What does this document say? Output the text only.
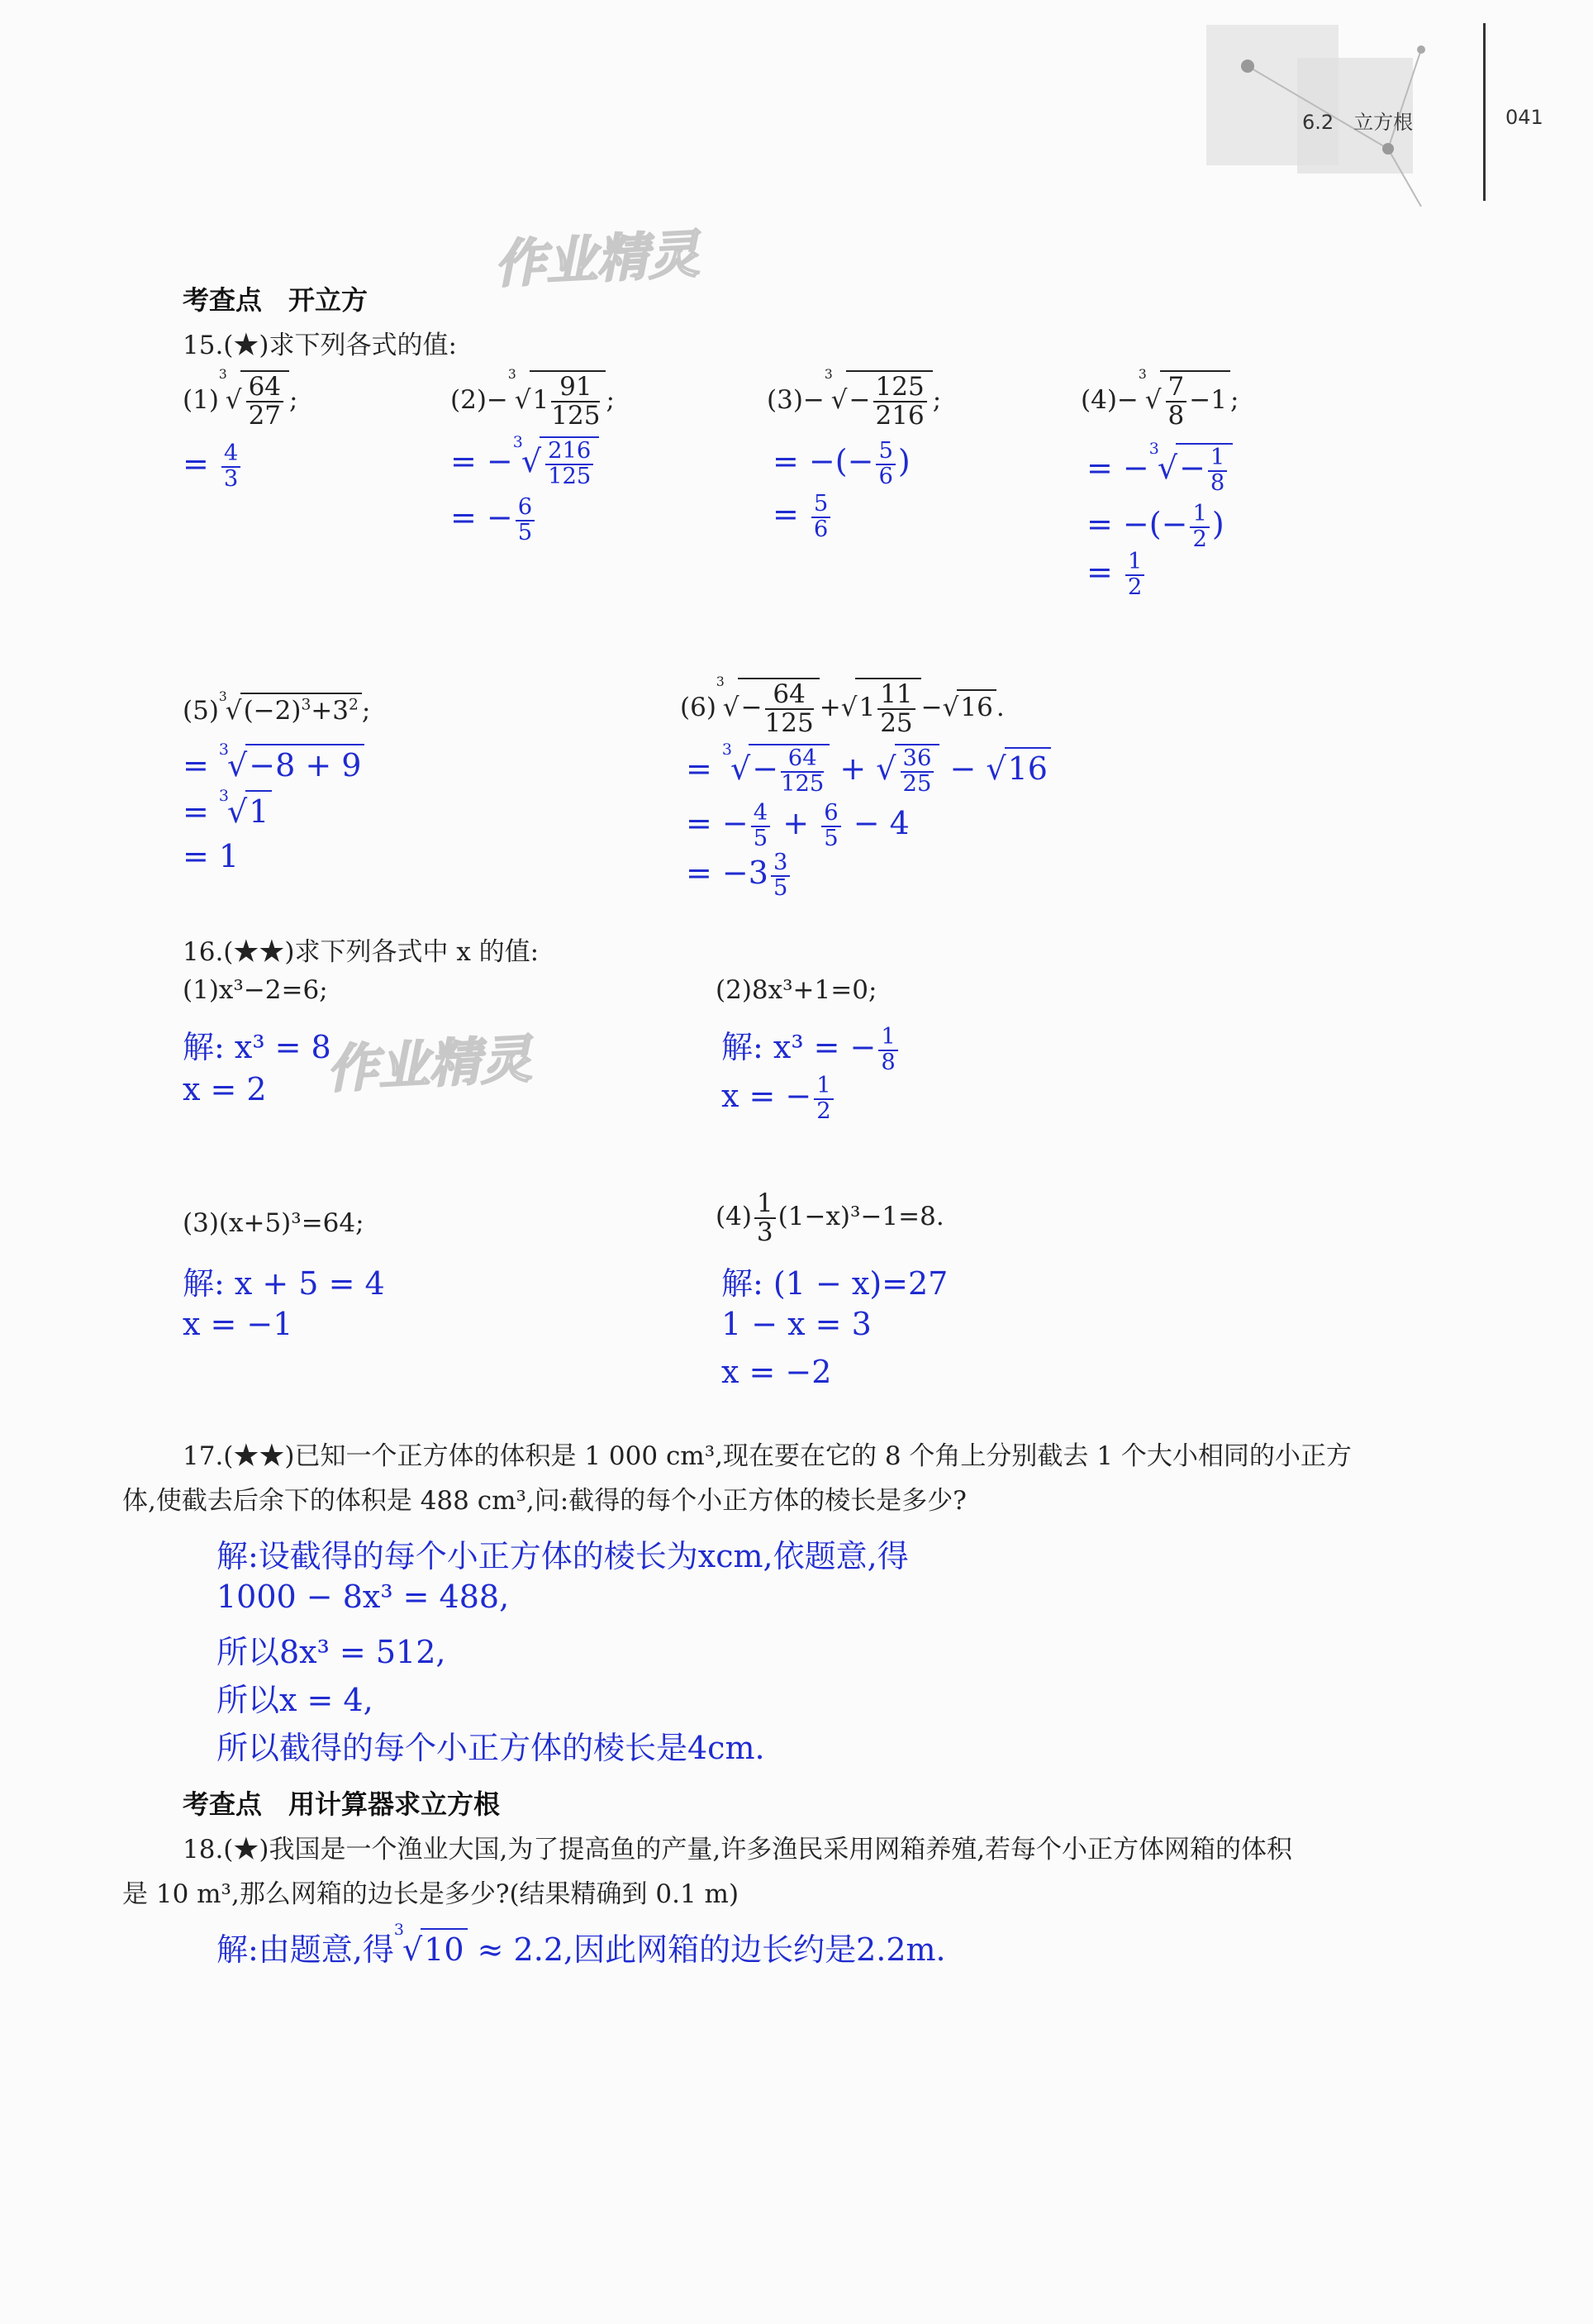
6.2　立方根	041
作业精灵
作业精灵
考查点　开立方
15.(★)求下列各式的值:
$(1)^3√ \frac{64}{27}$ ;
= $\frac{4}{3}$
$(2)-^3√1 \frac{91}{125}$ ;
= $-^3√ \frac{216}{125}$
= − $\frac{6}{5}$
$(3)-^3√- \frac{125}{216}$ ;
= −(− $\frac{5}{6}$ )
= $\frac{5}{6}$
$(4)-^3√ \frac{7}{8} -1$ ;
= $-^3√- \frac{1}{8}$
= −(− $\frac{1}{2}$ )
= $\frac{1}{2}$
$(5)^3√(-2)^3+3^2$ ;
= $^3$√−8 + 9
= $^3$√1
= 1
$(6)^3√- \frac{64}{125} +√1 \frac{11}{25} -√16$ .
= $^3√- \frac{64}{125}$ + √ $\frac{36}{25} - √16$
= − $\frac{4}{5} + \frac{6}{5} - 4$
= $-3 \frac{3}{5}$
16.(★★)求下列各式中 x 的值:
(1)x³−2=6;
解: x³ = 8
x = 2
(2)8x³+1=0;
解: x³ = − $\frac{1}{8}$
x = − $\frac{1}{2}$
(3)(x+5)³=64;
解: x + 5 = 4
x = −1
$(4) \frac{1}{3} (1-x)^3-1=8$.
解: (1 − x)=27
1 − x = 3
x = −2
17.(★★)已知一个正方体的体积是 1 000 cm³,现在要在它的 8 个角上分别截去 1 个大小相同的小正方
体,使截去后余下的体积是 488 cm³,问:截得的每个小正方体的棱长是多少?
解:设截得的每个小正方体的棱长为xcm,依题意,得
1000 − 8x³ = 488,
所以8x³ = 512,
所以x = 4,
所以截得的每个小正方体的棱长是4cm.
考查点　用计算器求立方根
18.(★)我国是一个渔业大国,为了提高鱼的产量,许多渔民采用网箱养殖,若每个小正方体网箱的体积
是 10 m³,那么网箱的边长是多少?(结果精确到 0.1 m)
解:由题意,得$^3$√10 ≈ 2.2,因此网箱的边长约是2.2m.
